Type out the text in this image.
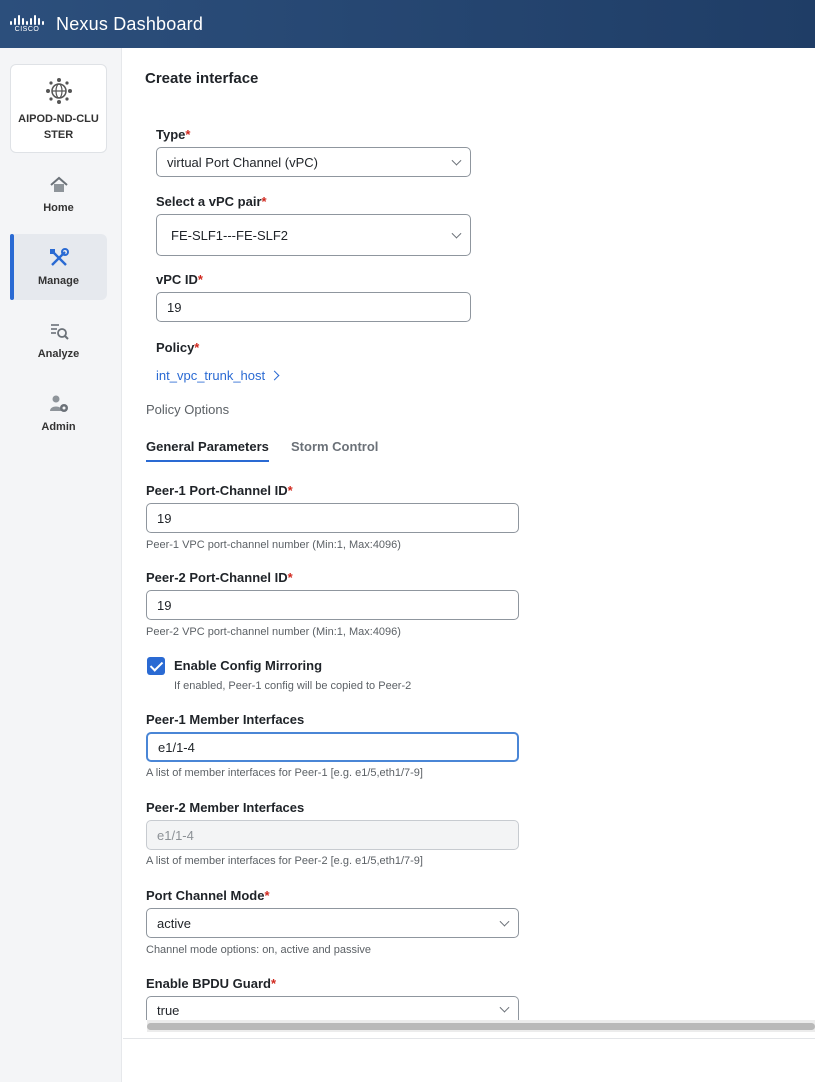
CISCO Nexus Dashboard
AIPOD-ND-CLUSTER
Home
Manage
Analyze
Admin
Create interface
Type*
virtual Port Channel (vPC)
Select a vPC pair*
FE-SLF1---FE-SLF2
vPC ID*
19
Policy*
int_vpc_trunk_host
Policy Options
General Parameters Storm Control
Peer-1 Port-Channel ID*
19
Peer-1 VPC port-channel number (Min:1, Max:4096)
Peer-2 Port-Channel ID*
19
Peer-2 VPC port-channel number (Min:1, Max:4096)
Enable Config Mirroring
If enabled, Peer-1 config will be copied to Peer-2
Peer-1 Member Interfaces
e1/1-4
A list of member interfaces for Peer-1 [e.g. e1/5,eth1/7-9]
Peer-2 Member Interfaces
e1/1-4
A list of member interfaces for Peer-2 [e.g. e1/5,eth1/7-9]
Port Channel Mode*
active
Channel mode options: on, active and passive
Enable BPDU Guard*
true
